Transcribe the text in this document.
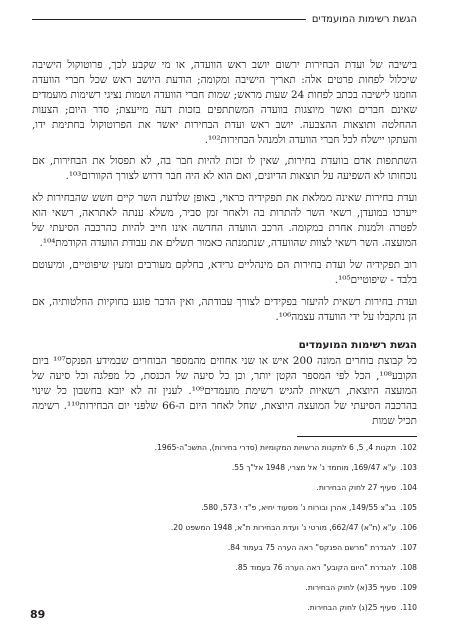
הגשת רשימות המועמדים

בישיבה של ועדת הבחירות ירשום יושב ראש הוועדה, או מי שקבע לכך, פרוטוקול הישיבה שיכלול לפחות פרטים אלה: תאריך הישיבה ומקומה; הודעת היושב ראש שכל חברי הוועדה הוזמנו לישיבה בכתב לפחות 24 שעות מראש; שמות חברי הוועדה ושמות נציגי רשימות מועמדים שאינם חברים ואשר מיוצגות בוועדה המשתתפים בזכות דעה מייעצת; סדר היום; הצעות ההחלטה ותוצאות ההצבעה. יושב ראש ועדת הבחירות יאשר את הפרוטוקול בחתימת ידו, והעתקו יישלח לכל חברי הוועדה ולמנהל הבחירות¹⁰².

השתתפות אדם בוועדת בחירות, שאין לו זכות להיות חבר בה, לא תפסול את הבחירות, אם נוכחותו לא השפיעה על תוצאות הדיונים, ואם הוא לא היה חבר דרוש לצורך הקוורום¹⁰³.

ועדת בחירות שאינה ממלאת את תפקידיה כראוי, באופן שלדעת השר קיים חשש שהבחירות לא ייערכו במועדן, רשאי השר להתרות בה ולאחר זמן סביר, משלא ענתה לאתראה, רשאי הוא לפטרה ולמנות אחרת במקומה. הרכב הוועדה החדשה אינו חייב להיות כהרכבה הסיעתי של המועצה. השר רשאי לצוות שהוועדה, שנתמנתה כאמור תשלים את עבודת הוועדה הקודמת¹⁰⁴.

רוב תפקידיה של ועדת בחירות הם מינהליים גרידא, בחלקם מעורבים ומעין שיפוטיים, ומיעוטם בלבד - שיפוטיים¹⁰⁵.

ועדת בחירות רשאית להיעזר בפקידים לצורך עבודתה, ואין הדבר פוגע בחוקיות החלטותיה, אם הן נתקבלו על ידי הוועדה עצמה¹⁰⁶.

הגשת רשימות המועמדים

כל קבוצת בוחרים המונה 200 איש או שני אחוזים מהמספר הבוחרים שבמידע הפנקס¹⁰⁷ ביום הקובע¹⁰⁸, הכל לפי המספר הקטן יותר, וכן כל סיעה של הכנסת, כל מפלגה וכל סיעה של המועצה היוצאת, רשאיות להגיש רשימת מועמדים¹⁰⁹. לענין זה לא יובא בחשבון כל שינוי בהרכבה הסיעתי של המועצה היוצאת, שחל לאחר היום ה-66 שלפני יום הבחירות¹¹⁰. רשימה תכיל שמות

102.תקנות 4, 5, 6 לתקנות הרשויות המקומיות (סדרי בחירות), התשכ"ה-1965.

103.ע"א 169/47, מוחמד נ' אל מצרי, 1948 אל"ך 55.

104.סעיף 27 לחוק הבחירות.

105.בג"צ 149/55, אהרן ובורוח נ' מסעוד יחיא, פ"ד י 573, 580.

106.ע"א (ת"א) 662/47, מורטי נ' ועדת הבחירות ת"א, 1948 המשפט 20.

107.להגדרת "מרשם הפנקס" ראה הערה 75 בעמוד 84.

108.להגדרת "היום הקובע" ראה הערה 76 בעמוד 85.

109.סעיף 35(א) לחוק הבחירות.

110.סעיף 25(ג) לחוק הבחירות.

89
